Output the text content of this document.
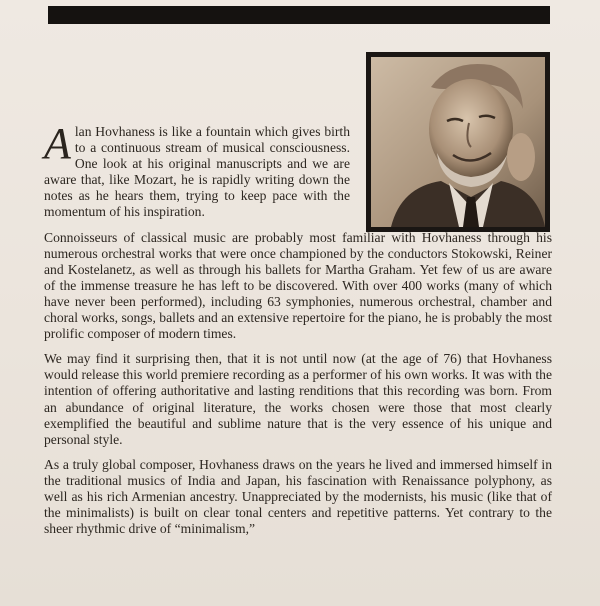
Alan Hovhaness is like a fountain which gives birth to a continuous stream of musical consciousness. One look at his original manuscripts and we are aware that, like Mozart, he is rapidly writing down the notes as he hears them, trying to keep pace with the momentum of his inspiration.

Connoisseurs of classical music are probably most familiar with Hovhaness through his numerous orchestral works that were once championed by the conductors Stokowski, Reiner and Kostelanetz, as well as through his ballets for Martha Graham. Yet few of us are aware of the immense treasure he has left to be discovered. With over 400 works (many of which have never been performed), including 63 symphonies, numerous orchestral, chamber and choral works, songs, ballets and an extensive repertoire for the piano, he is probably the most prolific composer of modern times.

We may find it surprising then, that it is not until now (at the age of 76) that Hovhaness would release this world premiere recording as a performer of his own works. It was with the intention of offering authoritative and lasting renditions that this recording was born. From an abundance of original literature, the works chosen were those that most clearly exemplified the beautiful and sublime nature that is the very essence of his unique and personal style.

As a truly global composer, Hovhaness draws on the years he lived and immersed himself in the traditional musics of India and Japan, his fascination with Renaissance polyphony, as well as his rich Armenian ancestry. Unappreciated by the modernists, his music (like that of the minimalists) is built on clear tonal centers and repetitive patterns. Yet contrary to the sheer rhythmic drive of “minimalism,”
